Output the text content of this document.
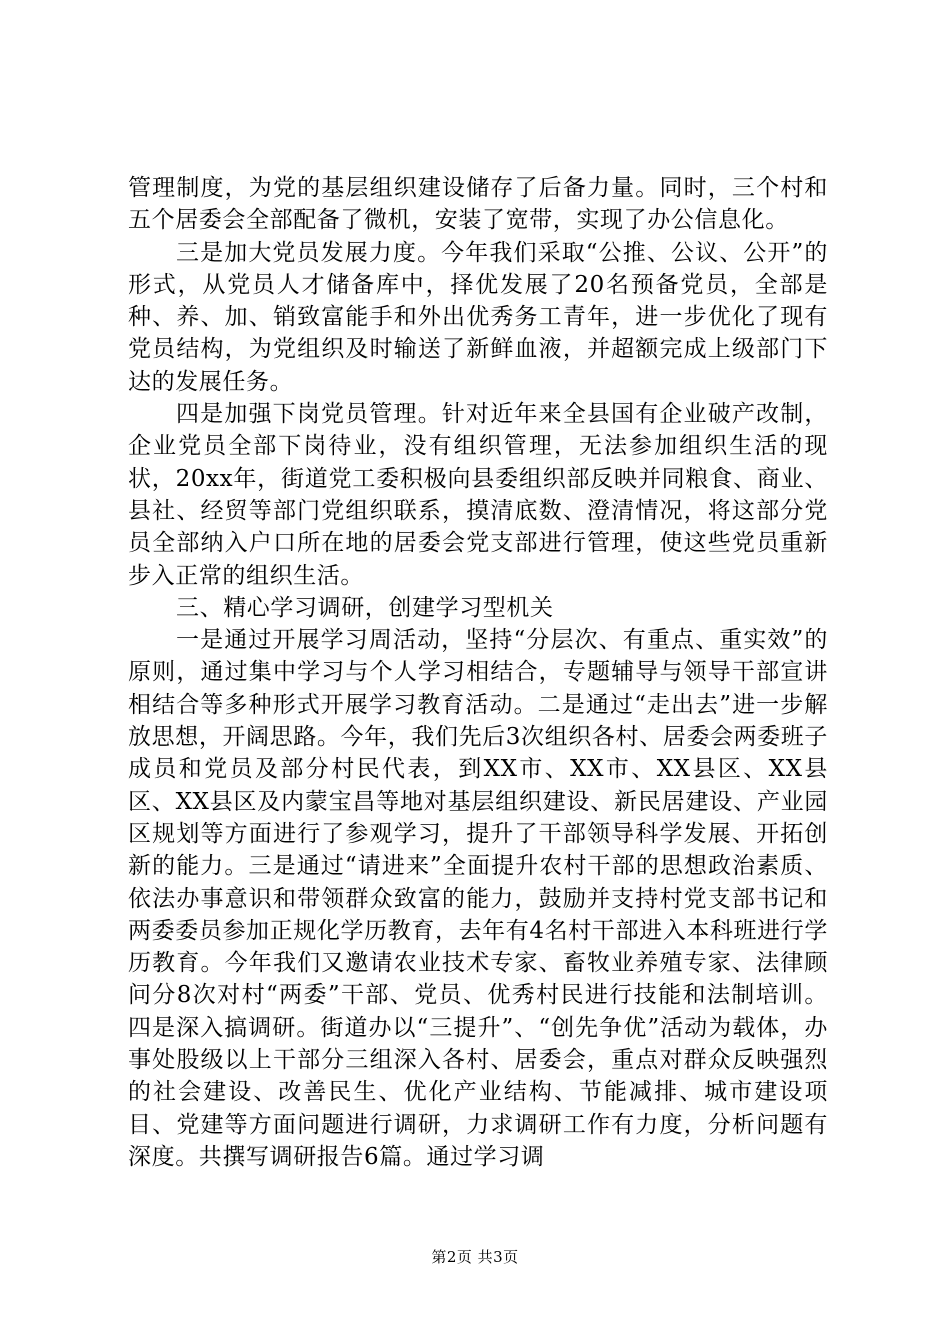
管理制度，为党的基层组织建设储存了后备力量。同时，三个村和五个居委会全部配备了微机，安装了宽带，实现了办公信息化。

三是加大党员发展力度。今年我们采取“公推、公议、公开”的形式，从党员人才储备库中，择优发展了20名预备党员，全部是种、养、加、销致富能手和外出优秀务工青年，进一步优化了现有党员结构，为党组织及时输送了新鲜血液，并超额完成上级部门下达的发展任务。

四是加强下岗党员管理。针对近年来全县国有企业破产改制，企业党员全部下岗待业，没有组织管理，无法参加组织生活的现状，20xx年，街道党工委积极向县委组织部反映并同粮食、商业、县社、经贸等部门党组织联系，摸清底数、澄清情况，将这部分党员全部纳入户口所在地的居委会党支部进行管理，使这些党员重新步入正常的组织生活。

三、精心学习调研，创建学习型机关

一是通过开展学习周活动，坚持“分层次、有重点、重实效”的原则，通过集中学习与个人学习相结合，专题辅导与领导干部宣讲相结合等多种形式开展学习教育活动。二是通过“走出去”进一步解放思想，开阔思路。今年，我们先后3次组织各村、居委会两委班子成员和党员及部分村民代表，到XX市、XX市、XX县区、XX县区、XX县区及内蒙宝昌等地对基层组织建设、新民居建设、产业园区规划等方面进行了参观学习，提升了干部领导科学发展、开拓创新的能力。三是通过“请进来”全面提升农村干部的思想政治素质、依法办事意识和带领群众致富的能力，鼓励并支持村党支部书记和两委委员参加正规化学历教育，去年有4名村干部进入本科班进行学历教育。今年我们又邀请农业技术专家、畜牧业养殖专家、法律顾问分8次对村“两委”干部、党员、优秀村民进行技能和法制培训。四是深入搞调研。街道办以“三提升”、“创先争优”活动为载体，办事处股级以上干部分三组深入各村、居委会，重点对群众反映强烈的社会建设、改善民生、优化产业结构、节能减排、城市建设项目、党建等方面问题进行调研，力求调研工作有力度，分析问题有深度。共撰写调研报告6篇。通过学习调

第2页 共3页
